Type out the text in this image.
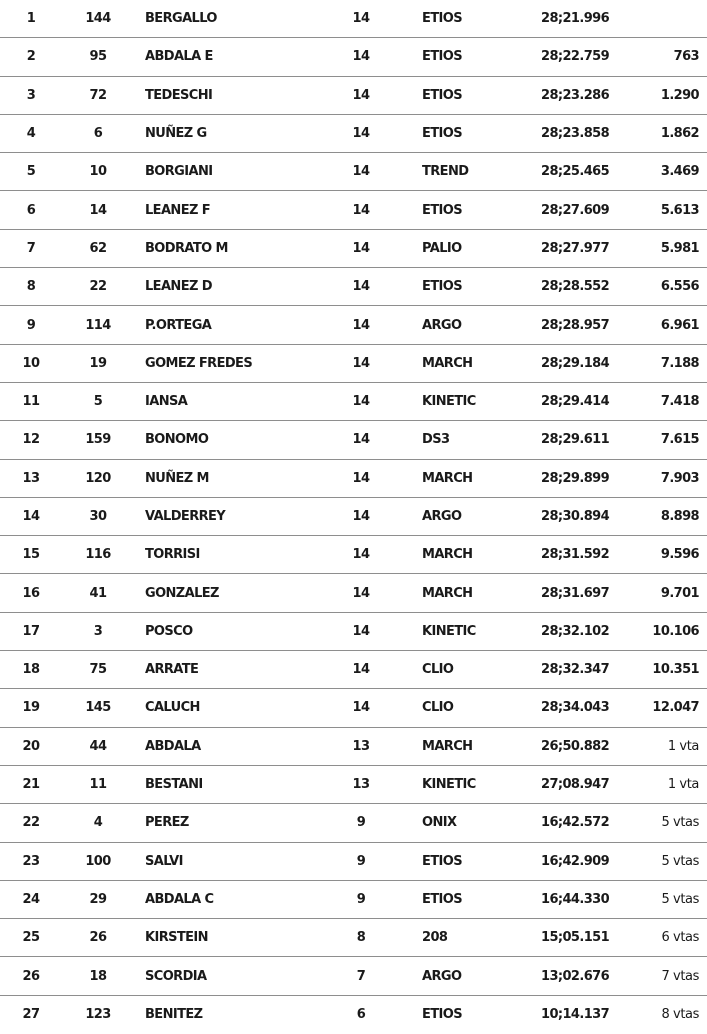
1	144	BERGALLO	14	ETIOS	28;21.996
2	95	ABDALA E	14	ETIOS	28;22.759	763
3	72	TEDESCHI	14	ETIOS	28;23.286	1.290
4	6	NUÑEZ G	14	ETIOS	28;23.858	1.862
5	10	BORGIANI	14	TREND	28;25.465	3.469
6	14	LEANEZ F	14	ETIOS	28;27.609	5.613
7	62	BODRATO M	14	PALIO	28;27.977	5.981
8	22	LEANEZ D	14	ETIOS	28;28.552	6.556
9	114	P.ORTEGA	14	ARGO	28;28.957	6.961
10	19	GOMEZ FREDES	14	MARCH	28;29.184	7.188
11	5	IANSA	14	KINETIC	28;29.414	7.418
12	159	BONOMO	14	DS3	28;29.611	7.615
13	120	NUÑEZ M	14	MARCH	28;29.899	7.903
14	30	VALDERREY	14	ARGO	28;30.894	8.898
15	116	TORRISI	14	MARCH	28;31.592	9.596
16	41	GONZALEZ	14	MARCH	28;31.697	9.701
17	3	POSCO	14	KINETIC	28;32.102	10.106
18	75	ARRATE	14	CLIO	28;32.347	10.351
19	145	CALUCH	14	CLIO	28;34.043	12.047
20	44	ABDALA	13	MARCH	26;50.882	1 vta
21	11	BESTANI	13	KINETIC	27;08.947	1 vta
22	4	PEREZ	9	ONIX	16;42.572	5 vtas
23	100	SALVI	9	ETIOS	16;42.909	5 vtas
24	29	ABDALA C	9	ETIOS	16;44.330	5 vtas
25	26	KIRSTEIN	8	208	15;05.151	6 vtas
26	18	SCORDIA	7	ARGO	13;02.676	7 vtas
27	123	BENITEZ	6	ETIOS	10;14.137	8 vtas
